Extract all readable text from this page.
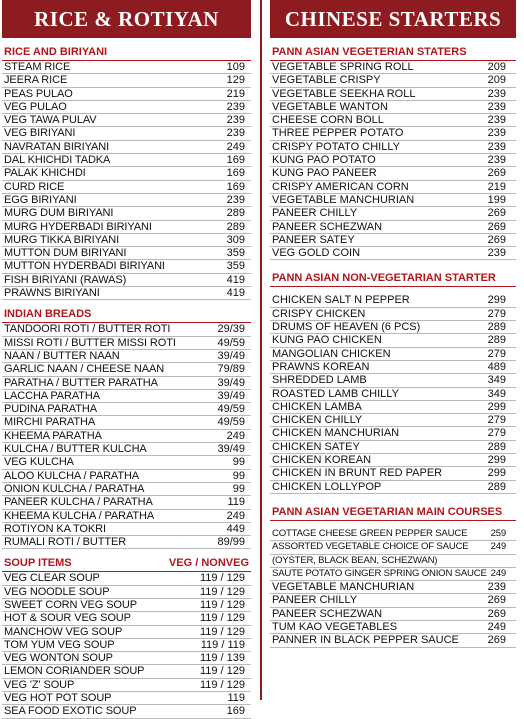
RICE & ROTIYAN
RICE AND BIRIYANI
STEAM RICE	109
JEERA RICE	129
PEAS PULAO	219
VEG PULAO	239
VEG TAWA PULAV	239
VEG BIRIYANI	239
NAVRATAN BIRIYANI	249
DAL KHICHDI TADKA	169
PALAK KHICHDI	169
CURD RICE	169
EGG BIRIYANI	239
MURG DUM BIRIYANI	289
MURG HYDERBADI BIRIYANI	289
MURG TIKKA BIRIYANI	309
MUTTON DUM BIRIYANI	359
MUTTON HYDERBADI BIRIYANI	359
FISH BIRIYANI (RAWAS)	419
PRAWNS BIRIYANI	419
INDIAN BREADS
TANDOORI ROTI / BUTTER ROTI	29/39
MISSI ROTI / BUTTER MISSI ROTI	49/59
NAAN / BUTTER NAAN	39/49
GARLIC NAAN / CHEESE NAAN	79/89
PARATHA / BUTTER PARATHA	39/49
LACCHA PARATHA	39/49
PUDINA PARATHA	49/59
MIRCHI PARATHA	49/59
KHEEMA PARATHA	249
KULCHA / BUTTER KULCHA	39/49
VEG KULCHA	99
ALOO KULCHA / PARATHA	99
ONION KULCHA / PARATHA	99
PANEER KULCHA / PARATHA	119
KHEEMA KULCHA / PARATHA	249
ROTIYON KA TOKRI	449
RUMALI ROTI / BUTTER	89/99
SOUP ITEMS	VEG / NONVEG
VEG CLEAR SOUP	119 / 129
VEG NOODLE SOUP	119 / 129
SWEET CORN VEG SOUP	119 / 129
HOT & SOUR VEG SOUP	119 / 129
MANCHOW VEG SOUP	119 / 129
TOM YUM VEG SOUP	119 / 119
VEG WONTON SOUP	119 / 139
LEMON CORIANDER SOUP	119 / 129
VEG 'Z' SOUP	119 / 129
VEG HOT POT SOUP	119
SEA FOOD EXOTIC SOUP	169
CHINESE STARTERS
PANN ASIAN VEGETERIAN STATERS
VEGETABLE SPRING ROLL	209
VEGETABLE CRISPY	209
VEGETABLE SEEKHA ROLL	239
VEGETABLE WANTON	239
CHEESE CORN BOLL	239
THREE PEPPER POTATO	239
CRISPY POTATO CHILLY	239
KUNG PAO POTATO	239
KUNG PAO PANEER	269
CRISPY AMERICAN CORN	219
VEGETABLE MANCHURIAN	199
PANEER CHILLY	269
PANEER SCHEZWAN	269
PANEER SATEY	269
VEG GOLD COIN	239
PANN ASIAN NON-VEGETARIAN STARTER
CHICKEN SALT N PEPPER	299
CRISPY CHICKEN	279
DRUMS OF HEAVEN (6 PCS)	289
KUNG PAO CHICKEN	289
MANGOLIAN CHICKEN	279
PRAWNS KOREAN	489
SHREDDED LAMB	349
ROASTED LAMB CHILLY	349
CHICKEN LAMBA	299
CHICKEN CHILLY	279
CHICKEN MANCHURIAN	279
CHICKEN SATEY	289
CHICKEN KOREAN	299
CHICKEN IN BRUNT RED PAPER	299
CHICKEN LOLLYPOP	289
PANN ASIAN VEGETARIAN MAIN COURSES
COTTAGE CHEESE GREEN PEPPER SAUCE 259
ASSORTED VEGETABLE CHOICE OF SAUCE 249
(OYSTER, BLACK BEAN, SCHEZWAN)
SAUTE POTATO GINGER SPRING ONION SAUCE 249
VEGETABLE MANCHURIAN	239
PANEER CHILLY	269
PANEER SCHEZWAN	269
TUM KAO VEGETABLES	249
PANNER IN BLACK PEPPER SAUCE	269
